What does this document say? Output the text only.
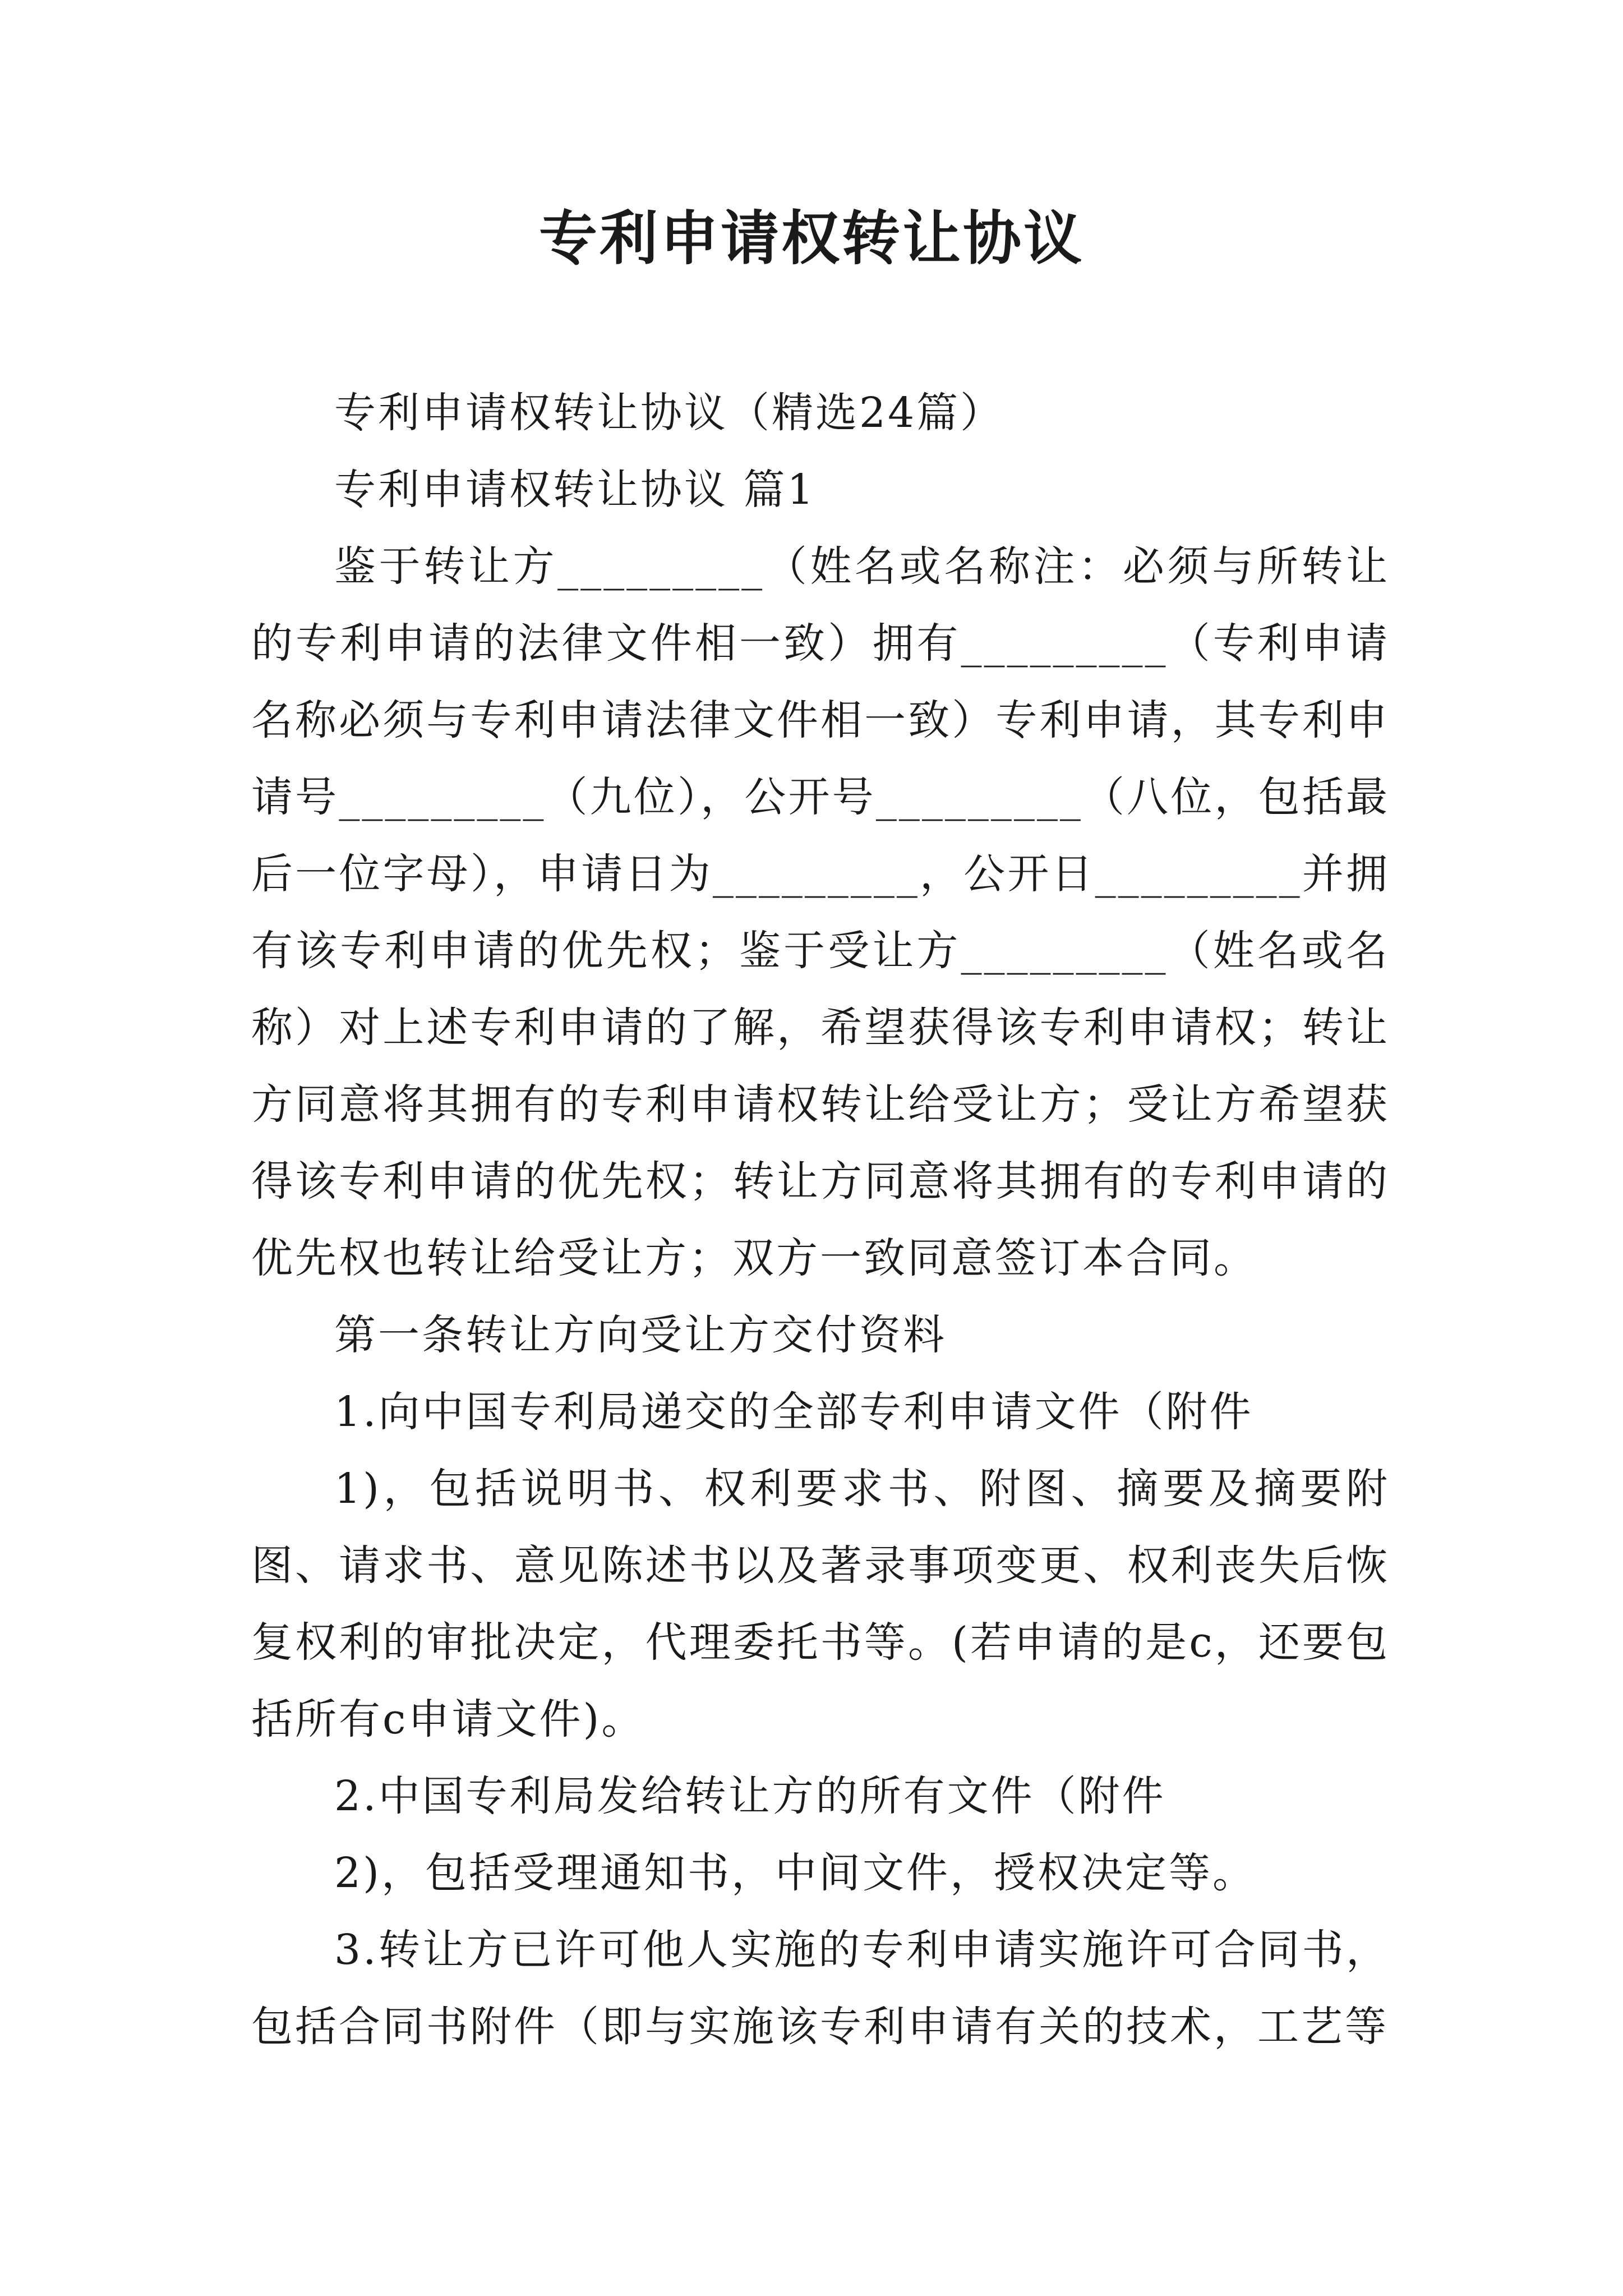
专利申请权转让协议

专利申请权转让协议（精选24篇）

专利申请权转让协议 篇1

鉴于转让方_________（姓名或名称注：必须与所转让的专利申请的法律文件相一致）拥有_________（专利申请名称必须与专利申请法律文件相一致）专利申请，其专利申请号_________（九位），公开号_________（八位，包括最后一位字母），申请日为_________，公开日_________并拥有该专利申请的优先权；鉴于受让方_________（姓名或名称）对上述专利申请的了解，希望获得该专利申请权；转让方同意将其拥有的专利申请权转让给受让方；受让方希望获得该专利申请的优先权；转让方同意将其拥有的专利申请的优先权也转让给受让方；双方一致同意签订本合同。

第一条转让方向受让方交付资料

1.向中国专利局递交的全部专利申请文件（附件

1)，包括说明书、权利要求书、附图、摘要及摘要附图、请求书、意见陈述书以及著录事项变更、权利丧失后恢复权利的审批决定，代理委托书等。(若申请的是c，还要包括所有c申请文件)。

2.中国专利局发给转让方的所有文件（附件

2)，包括受理通知书，中间文件，授权决定等。

3.转让方已许可他人实施的专利申请实施许可合同书，包括合同书附件（即与实施该专利申请有关的技术，工艺等
